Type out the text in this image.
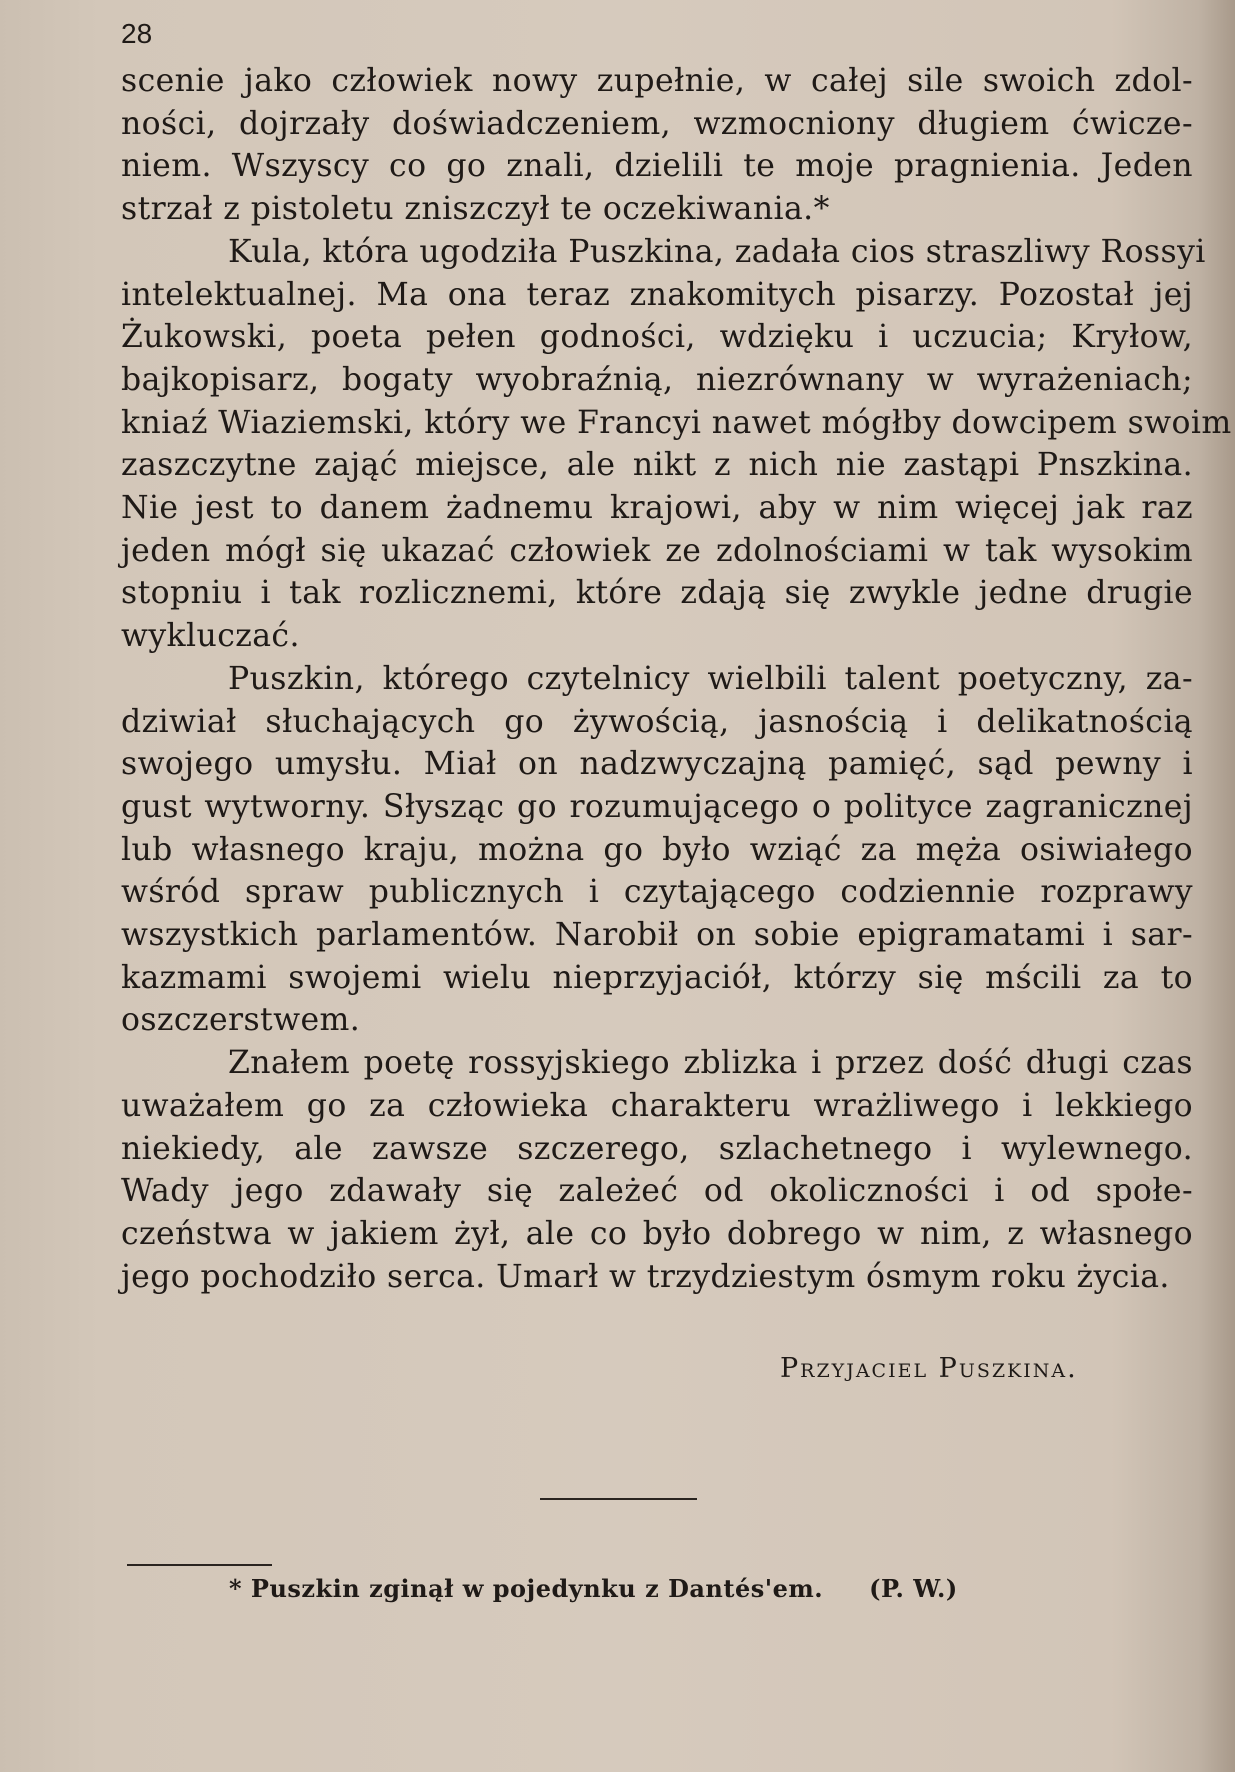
28
scenie jako człowiek nowy zupełnie, w całej sile swoich zdol-
ności, dojrzały doświadczeniem, wzmocniony długiem ćwicze-
niem. Wszyscy co go znali, dzielili te moje pragnienia. Jeden
strzał z pistoletu zniszczył te oczekiwania.*
Kula, która ugodziła Puszkina, zadała cios straszliwy Rossyi
intelektualnej. Ma ona teraz znakomitych pisarzy. Pozostał jej
Żukowski, poeta pełen godności, wdzięku i uczucia; Kryłow,
bajkopisarz, bogaty wyobraźnią, niezrównany w wyrażeniach;
kniaź Wiaziemski, który we Francyi nawet mógłby dowcipem swoim
zaszczytne zająć miejsce, ale nikt z nich nie zastąpi Pnszkina.
Nie jest to danem żadnemu krajowi, aby w nim więcej jak raz
jeden mógł się ukazać człowiek ze zdolnościami w tak wysokim
stopniu i tak rozlicznemi, które zdają się zwykle jedne drugie
wykluczać.
Puszkin, którego czytelnicy wielbili talent poetyczny, za-
dziwiał słuchających go żywością, jasnością i delikatnością
swojego umysłu. Miał on nadzwyczajną pamięć, sąd pewny i
gust wytworny. Słysząc go rozumującego o polityce zagranicznej
lub własnego kraju, można go było wziąć za męża osiwiałego
wśród spraw publicznych i czytającego codziennie rozprawy
wszystkich parlamentów. Narobił on sobie epigramatami i sar-
kazmami swojemi wielu nieprzyjaciół, którzy się mścili za to
oszczerstwem.
Znałem poetę rossyjskiego zblizka i przez dość długi czas
uważałem go za człowieka charakteru wrażliwego i lekkiego
niekiedy, ale zawsze szczerego, szlachetnego i wylewnego.
Wady jego zdawały się zależeć od okoliczności i od społe-
czeństwa w jakiem żył, ale co było dobrego w nim, z własnego
jego pochodziło serca. Umarł w trzydziestym ósmym roku życia.
Przyjaciel Puszkina.
* Puszkin zginął w pojedynku z Dantés'em. (P. W.)
